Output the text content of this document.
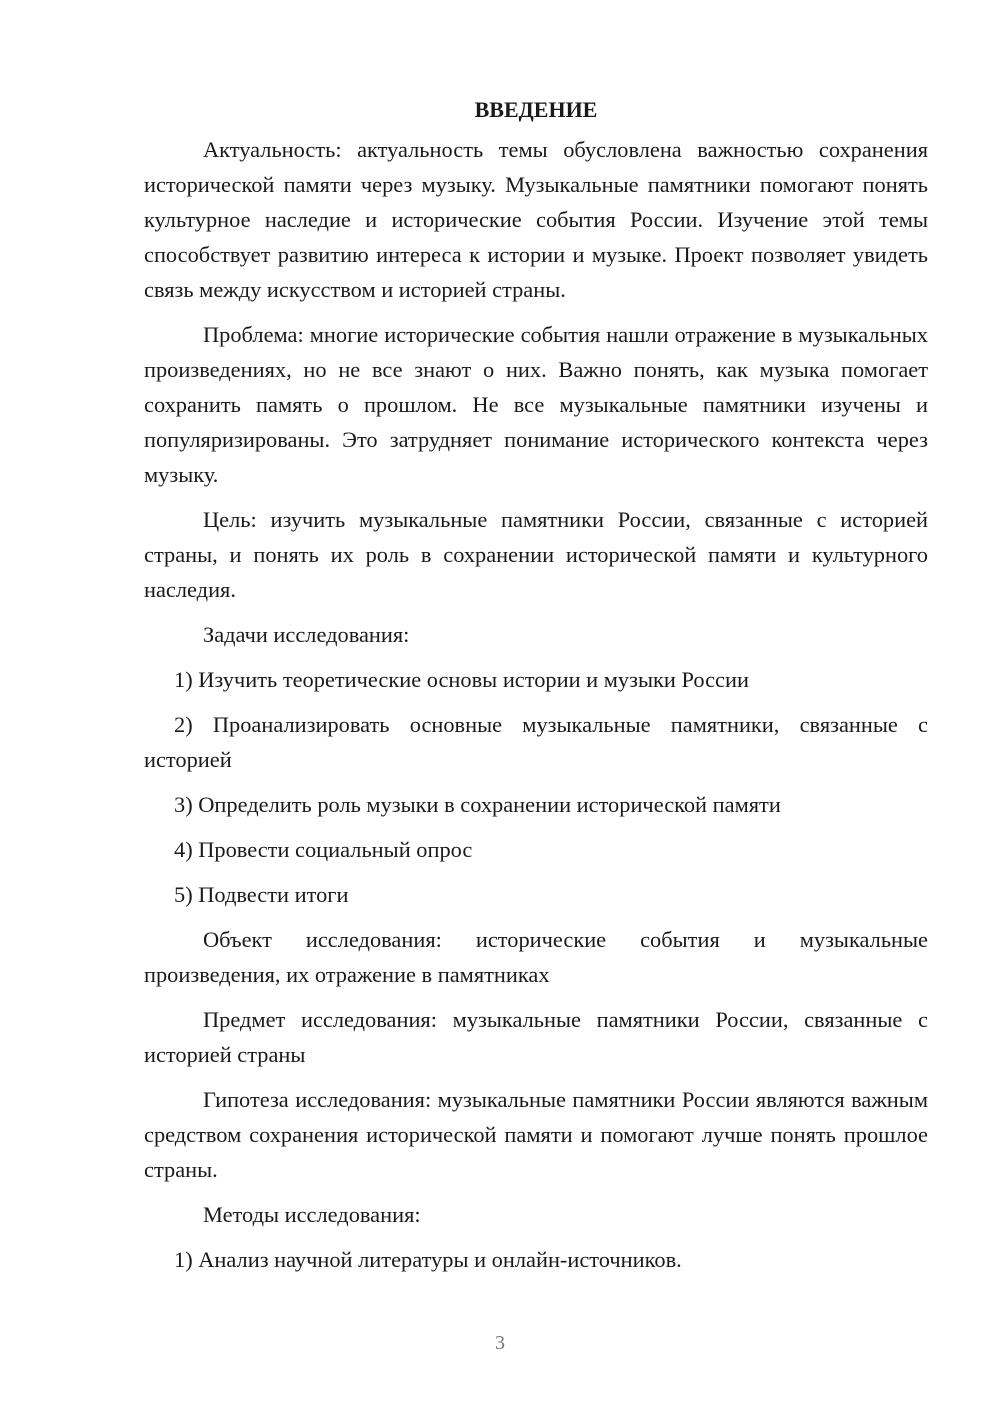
ВВЕДЕНИЕ

Актуальность: актуальность темы обусловлена важностью сохранения исторической памяти через музыку. Музыкальные памятники помогают понять культурное наследие и исторические события России. Изучение этой темы способствует развитию интереса к истории и музыке. Проект позволяет увидеть связь между искусством и историей страны.

Проблема: многие исторические события нашли отражение в музыкальных произведениях, но не все знают о них. Важно понять, как музыка помогает сохранить память о прошлом. Не все музыкальные памятники изучены и популяризированы. Это затрудняет понимание исторического контекста через музыку.

Цель: изучить музыкальные памятники России, связанные с историей страны, и понять их роль в сохранении исторической памяти и культурного наследия.

Задачи исследования:

1) Изучить теоретические основы истории и музыки России

2) Проанализировать основные музыкальные памятники, связанные с историей

3) Определить роль музыки в сохранении исторической памяти

4) Провести социальный опрос

5) Подвести итоги

Объект исследования: исторические события и музыкальные произведения, их отражение в памятниках

Предмет исследования: музыкальные памятники России, связанные с историей страны

Гипотеза исследования: музыкальные памятники России являются важным средством сохранения исторической памяти и помогают лучше понять прошлое страны.

Методы исследования:

1) Анализ научной литературы и онлайн-источников.

3
